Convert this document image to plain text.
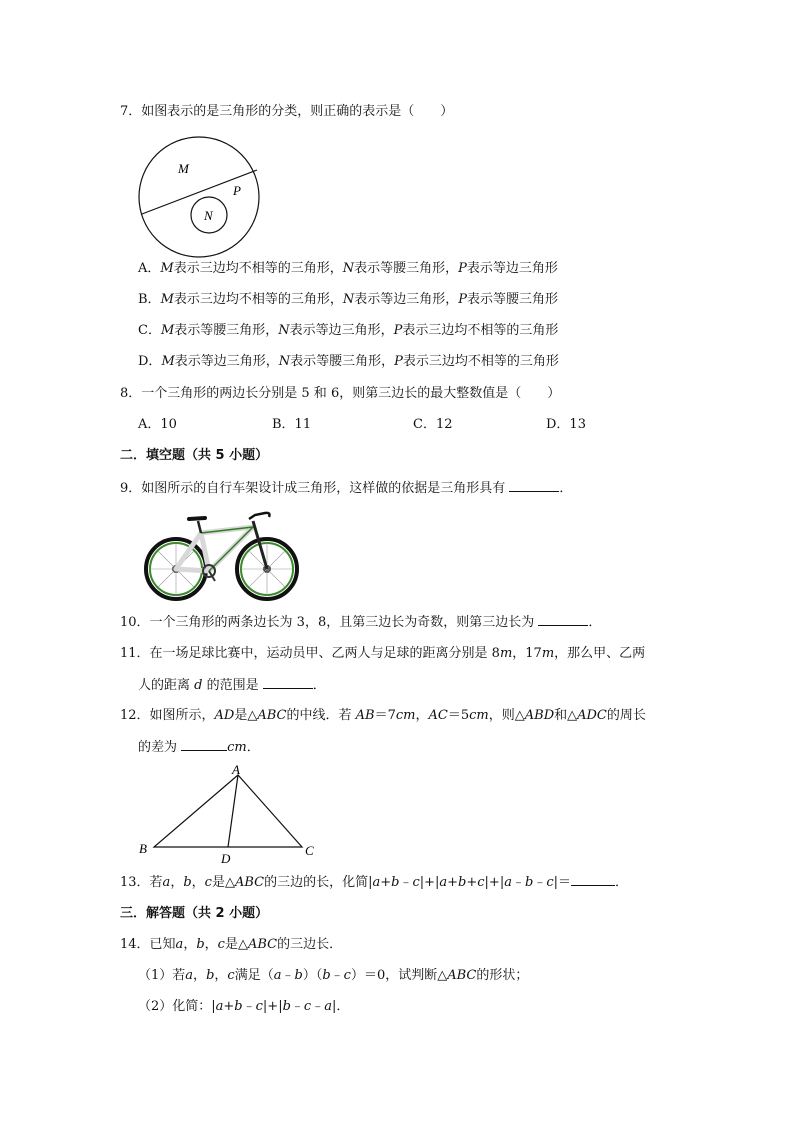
7．如图表示的是三角形的分类，则正确的表示是（　　）
M
P
N
A．M表示三边均不相等的三角形，N表示等腰三角形，P表示等边三角形
B．M表示三边均不相等的三角形，N表示等边三角形，P表示等腰三角形
C．M表示等腰三角形，N表示等边三角形，P表示三边均不相等的三角形
D．M表示等边三角形，N表示等腰三角形，P表示三边均不相等的三角形
8．一个三角形的两边长分别是 5 和 6，则第三边长的最大整数值是（　　）
A．10	B．11	C．12	D．13
二．填空题（共 5 小题）
9．如图所示的自行车架设计成三角形，这样做的依据是三角形具有	．
10．一个三角形的两条边长为 3，8，且第三边长为奇数，则第三边长为	．
11．在一场足球比赛中，运动员甲、乙两人与足球的距离分别是 8m，17m，那么甲、乙两
人的距离 d 的范围是	．
12．如图所示，AD是△ABC的中线．若 AB＝7cm，AC＝5cm，则△ABD和△ADC的周长
的差为	cm．
A
B	C
D
13．若a，b，c是△ABC的三边的长，化简|a+b﹣c|+|a+b+c|+|a﹣b﹣c|＝	．
三．解答题（共 2 小题）
14．已知a，b，c是△ABC的三边长．
（1）若a，b，c满足（a﹣b）（b﹣c）＝0，试判断△ABC的形状；
（2）化简：|a+b﹣c|+|b﹣c﹣a|．
